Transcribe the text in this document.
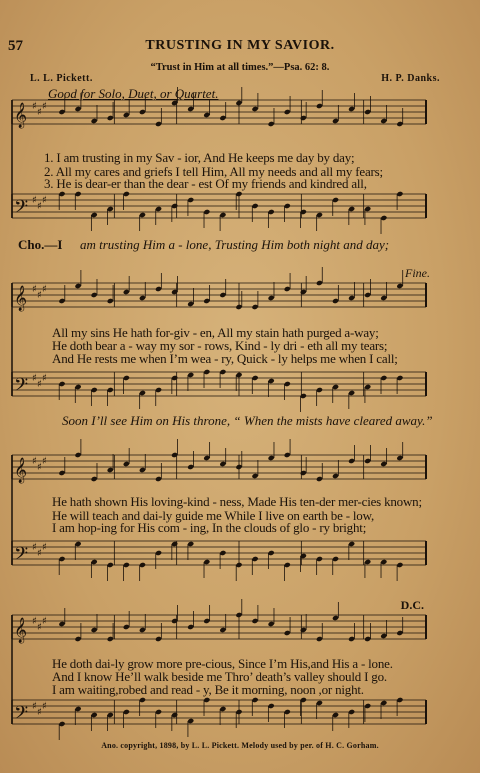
𝄞 ♯
♯
♯
𝄢 ♯
♯
♯
𝄞 ♯
♯
♯
𝄢 ♯
♯
♯
𝄞 ♯
♯
♯
𝄢 ♯
♯
♯
𝄞 ♯
♯
♯
𝄢 ♯
♯
♯
57	TRUSTING IN MY SAVIOR.
“Trust in Him at all times.”—Psa. 62: 8.
L. L. Pickett.	H. P. Danks.
Good for Solo, Duet, or Quartet.
1. I am trusting in my Sav - ior, And He keeps me day by day;
2. All my cares and griefs I tell Him, All my needs and all my fears;
3. He is dear-er than the dear - est Of my friends and kindred all,
Cho.—I am trusting Him a - lone, Trusting Him both night and day;
Fine.
All my sins He hath for-giv - en, All my stain hath purged a-way;
He doth bear a - way my sor - rows, Kind - ly dri - eth all my tears;
And He rests me when I’m wea - ry, Quick - ly helps me when I call;
Soon I’ll see Him on His throne, “ When the mists have cleared away.”
He hath shown His loving-kind - ness, Made His ten-der mer-cies known;
He will teach and dai-ly guide me While I live on earth be - low,
I am hop-ing for His com - ing, In the clouds of glo - ry bright;
D.C.
He doth dai-ly grow more pre-cious, Since I’m His,and His a - lone.
And I know He’ll walk beside me Thro’ death’s valley should I go.
I am waiting,robed and read - y, Be it morning, noon ,or night.
Ano. copyright, 1898, by L. L. Pickett. Melody used by per. of H. C. Gorham.
